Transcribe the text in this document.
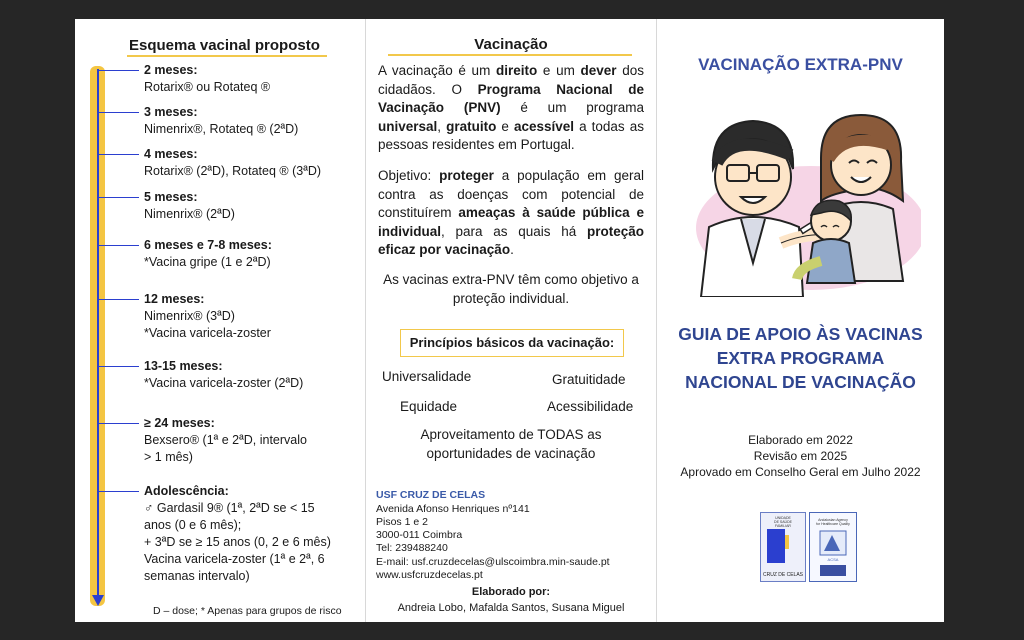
Esquema vacinal proposto
2 meses:
Rotarix® ou Rotateq ®
3 meses:
Nimenrix®, Rotateq ® (2ªD)
4 meses:
Rotarix® (2ªD), Rotateq ® (3ªD)
5 meses:
Nimenrix® (2ªD)
6 meses e 7-8 meses:
*Vacina gripe (1 e 2ªD)
12 meses:
Nimenrix® (3ªD)
*Vacina varicela-zoster
13-15 meses:
*Vacina varicela-zoster (2ªD)
≥ 24 meses:
Bexsero® (1ª e 2ªD, intervalo
> 1 mês)
Adolescência:
♂ Gardasil 9® (1ª, 2ªD se < 15
anos (0 e 6 mês);
+ 3ªD se ≥ 15 anos (0, 2 e 6 mês)
Vacina varicela-zoster (1ª e 2ª, 6
semanas intervalo)
D – dose; * Apenas para grupos de risco
Vacinação
A vacinação é um direito e um dever dos cidadãos. O Programa Nacional de Vacinação (PNV) é um programa universal, gratuito e acessível a todas as pessoas residentes em Portugal.
Objetivo: proteger a população em geral contra as doenças com potencial de constituírem ameaças à saúde pública e individual, para as quais há proteção eficaz por vacinação.
As vacinas extra-PNV têm como objetivo a proteção individual.
Princípios básicos da vacinação:
Universalidade	Gratuitidade
Equidade	Acessibilidade
Aproveitamento de TODAS as
oportunidades de vacinação
USF CRUZ DE CELAS
Avenida Afonso Henriques nº141
Pisos 1 e 2
3000-011 Coimbra
Tel: 239488240
E-mail: usf.cruzdecelas@ulscoimbra.min-saude.pt
www.usfcruzdecelas.pt
Elaborado por:
Andreia Lobo, Mafalda Santos, Susana Miguel
VACINAÇÃO EXTRA-PNV
GUIA DE APOIO ÀS VACINAS
EXTRA PROGRAMA
NACIONAL DE VACINAÇÃO
Elaborado em 2022
Revisão em 2025
Aprovado em Conselho Geral em Julho 2022
UNIDADE
DE SAÚDE
FAMILIAR
CRUZ DE CELAS
Andalusian Agency
for Healthcare Quality
ACSA
